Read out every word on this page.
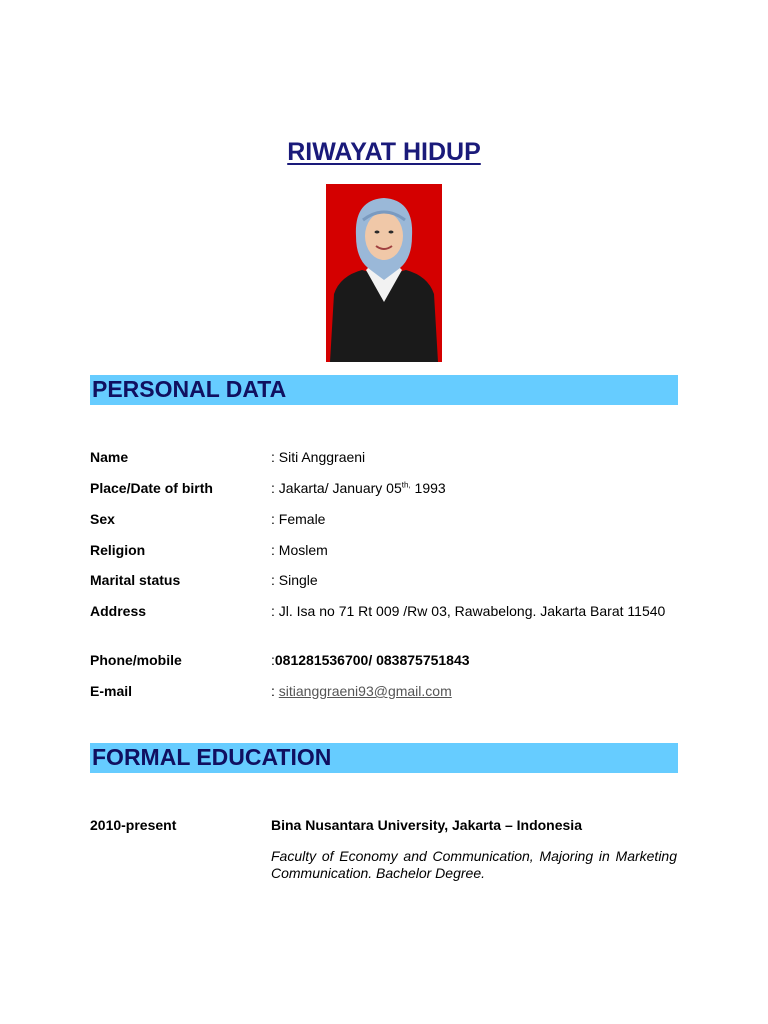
RIWAYAT HIDUP
PERSONAL DATA
Name	: Siti Anggraeni
Place/Date of birth	: Jakarta/ January $05^{th,}$ 1993
Sex	: Female
Religion	: Moslem
Marital status	: Single
Address	: Jl. Isa no 71 Rt 009 /Rw 03, Rawabelong. Jakarta Barat 11540
Phone/mobile	:081281536700/ 083875751843
E-mail	: sitianggraeni93@gmail.com
FORMAL EDUCATION
2010-present	Bina Nusantara University, Jakarta – Indonesia
Faculty of Economy and Communication, Majoring in Marketing Communication. Bachelor Degree.
